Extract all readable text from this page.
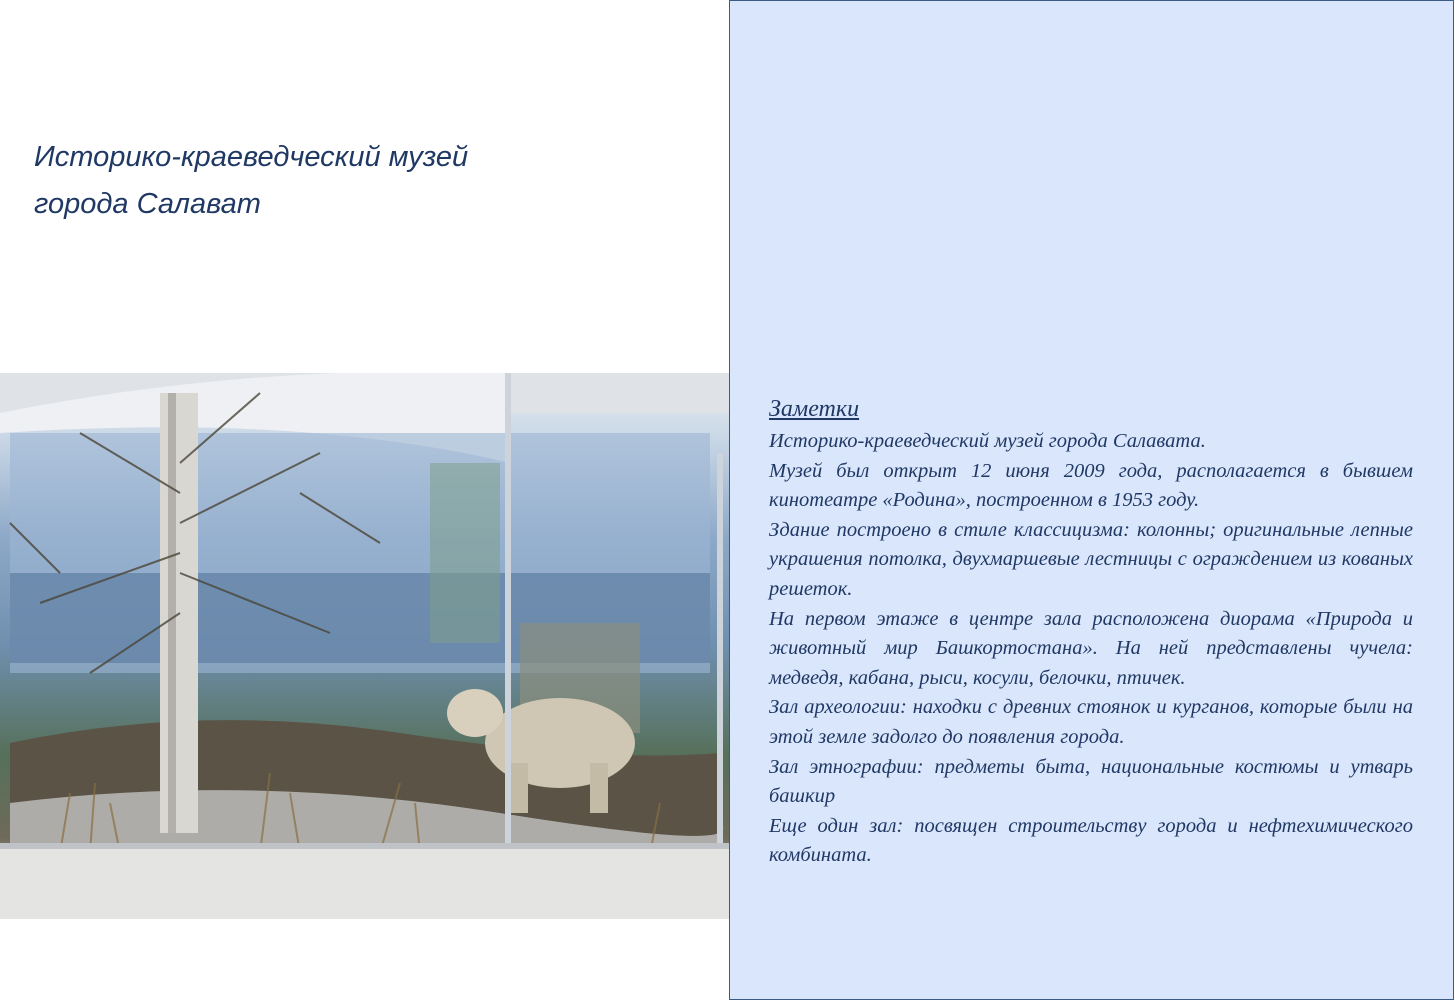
Историко-краеведческий музей
города Салават
Заметки

Историко-краеведческий музей города Салавата.

Музей был открыт 12 июня 2009 года, располагается в бывшем кинотеатре «Родина», построенном в 1953 году.

Здание построено в стиле классицизма: колонны; оригинальные лепные украшения потолка, двухмаршевые лестницы с ограждением из кованых решеток.

На первом этаже в центре зала расположена диорама «Природа и животный мир Башкортостана». На ней представлены чучела: медведя, кабана, рыси, косули, белочки, птичек.

Зал археологии: находки с древних стоянок и курганов, которые были на этой земле задолго до появления города.

Зал этнографии: предметы быта, национальные костюмы и утварь башкир

Еще один зал: посвящен строительству города и нефтехимического комбината.
